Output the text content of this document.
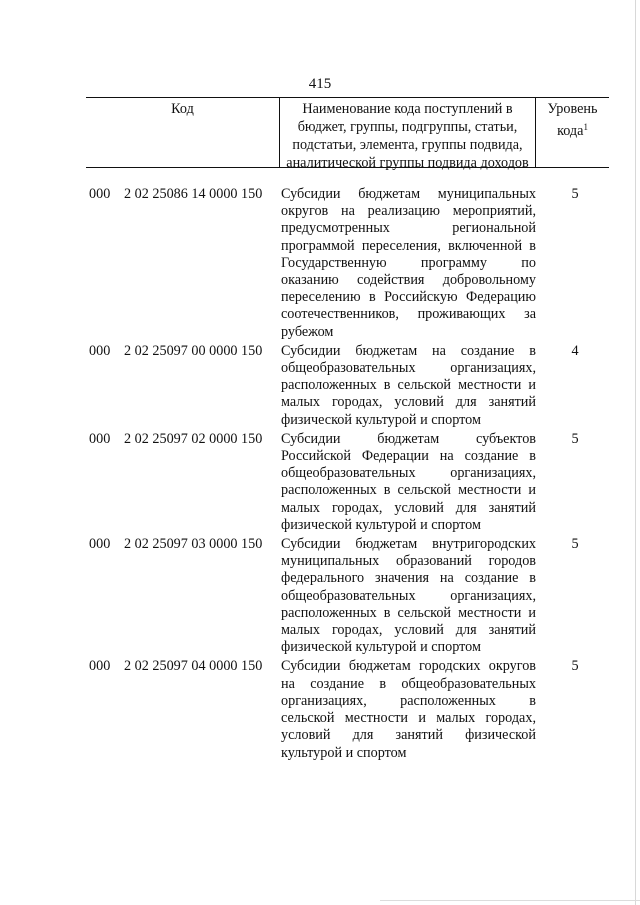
415
Код	Наименование кода поступлений в
бюджет, группы, подгруппы, статьи,
подстатьи, элемента, группы подвида,
аналитической группы подвида доходов
Уровень
кода$^1$
000 2 02 25086 14 0000 150 Субсидии бюджетам муниципальных
округов на реализацию мероприятий,
предусмотренных региональной
программой переселения, включенной в
Государственную программу по
оказанию содействия добровольному
переселению в Российскую Федерацию
соотечественников, проживающих за
рубежом
5
000 2 02 25097 00 0000 150 Субсидии бюджетам на создание в
общеобразовательных организациях,
расположенных в сельской местности и
малых городах, условий для занятий
физической культурой и спортом
4
000 2 02 25097 02 0000 150 Субсидии бюджетам субъектов
Российской Федерации на создание в
общеобразовательных организациях,
расположенных в сельской местности и
малых городах, условий для занятий
физической культурой и спортом
5
000 2 02 25097 03 0000 150 Субсидии бюджетам внутригородских
муниципальных образований городов
федерального значения на создание в
общеобразовательных организациях,
расположенных в сельской местности и
малых городах, условий для занятий
физической культурой и спортом
5
000 2 02 25097 04 0000 150 Субсидии бюджетам городских округов
на создание в общеобразовательных
организациях, расположенных в
сельской местности и малых городах,
условий для занятий физической
культурой и спортом
5
